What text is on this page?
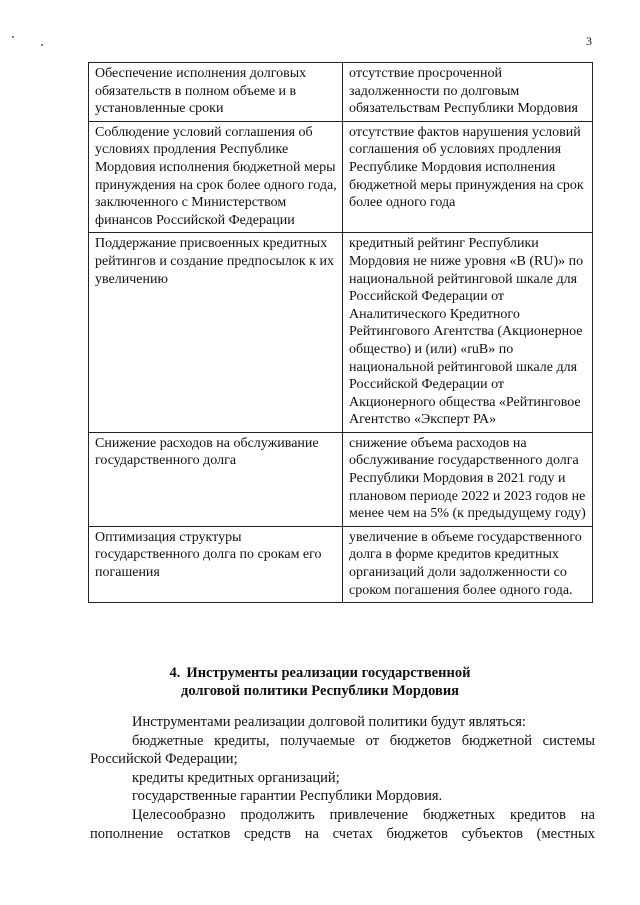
3
Обеспечение исполнения долговых обязательств в полном объеме и в установленные сроки	отсутствие просроченной задолженности по долговым обязательствам Республики Мордовия
Соблюдение условий соглашения об условиях продления Республике Мордовия исполнения бюджетной меры принуждения на срок более одного года, заключенного с Министерством финансов Российской Федерации	отсутствие фактов нарушения условий соглашения об условиях продления Республике Мордовия исполнения бюджетной меры принуждения на срок более одного года
Поддержание присвоенных кредитных рейтингов и создание предпосылок к их увеличению	кредитный рейтинг Республики Мордовия не ниже уровня «B (RU)» по национальной рейтинговой шкале для Российской Федерации от Аналитического Кредитного Рейтингового Агентства (Акционерное общество) и (или) «ruB» по национальной рейтинговой шкале для Российской Федерации от Акционерного общества «Рейтинговое Агентство «Эксперт РА»
Снижение расходов на обслуживание государственного долга	снижение объема расходов на обслуживание государственного долга Республики Мордовия в 2021 году и плановом периоде 2022 и 2023 годов не менее чем на 5% (к предыдущему году)
Оптимизация структуры государственного долга по срокам его погашения	увеличение в объеме государственного долга в форме кредитов кредитных организаций доли задолженности со сроком погашения более одного года.
4. Инструменты реализации государственной
долговой политики Республики Мордовия

Инструментами реализации долговой политики будут являться:

бюджетные кредиты, получаемые от бюджетов бюджетной системы Российской Федерации;

кредиты кредитных организаций;

государственные гарантии Республики Мордовия.

Целесообразно продолжить привлечение бюджетных кредитов на пополнение остатков средств на счетах бюджетов субъектов (местных
